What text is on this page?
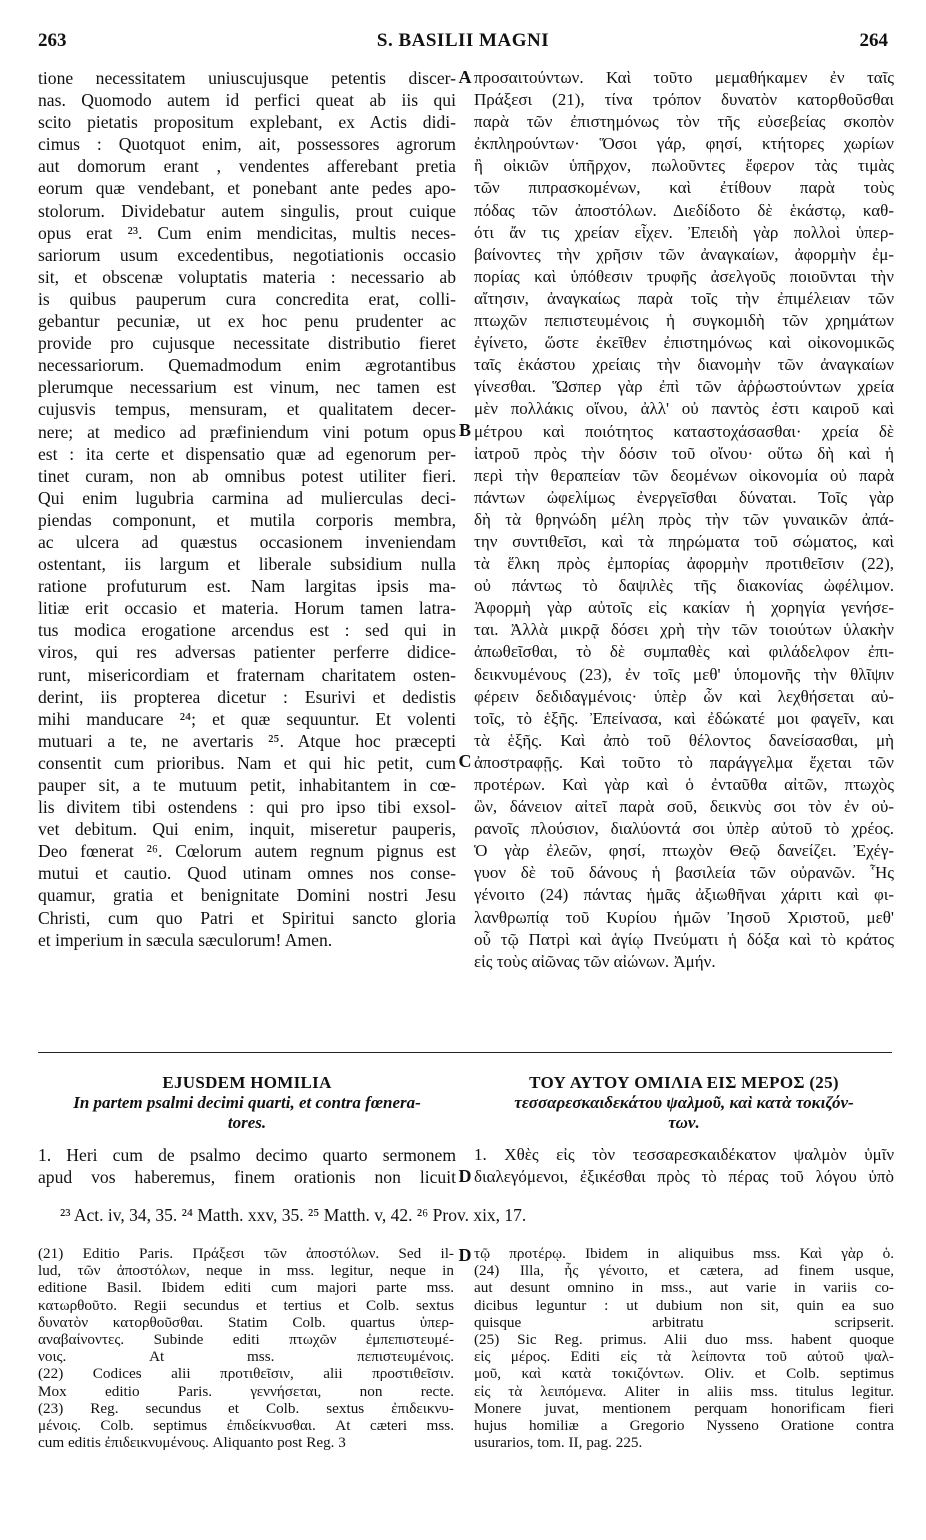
263	S. BASILII MAGNI	264
tione necessitatem uniuscujusque petentis discer-
nas. Quomodo autem id perfici queat ab iis qui
scito pietatis propositum explebant, ex Actis didi-
cimus : Quotquot enim, ait, possessores agrorum
aut domorum erant , vendentes afferebant pretia
eorum quæ vendebant, et ponebant ante pedes apo-
stolorum. Dividebatur autem singulis, prout cuique
opus erat ²³. Cum enim mendicitas, multis neces-
sariorum usum excedentibus, negotiationis occasio
sit, et obscenæ voluptatis materia : necessario ab
is quibus pauperum cura concredita erat, colli-
gebantur pecuniæ, ut ex hoc penu prudenter ac
provide pro cujusque necessitate distributio fieret
necessariorum. Quemadmodum enim ægrotantibus
plerumque necessarium est vinum, nec tamen est
cujusvis tempus, mensuram, et qualitatem decer-
nere; at medico ad præfiniendum vini potum opus
est : ita certe et dispensatio quæ ad egenorum per-
tinet curam, non ab omnibus potest utiliter fieri.
Qui enim lugubria carmina ad mulierculas deci-
piendas componunt, et mutila corporis membra,
ac ulcera ad quæstus occasionem inveniendam
ostentant, iis largum et liberale subsidium nulla
ratione profuturum est. Nam largitas ipsis ma-
litiæ erit occasio et materia. Horum tamen latra-
tus modica erogatione arcendus est : sed qui in
viros, qui res adversas patienter perferre didice-
runt, misericordiam et fraternam charitatem osten-
derint, iis propterea dicetur : Esurivi et dedistis
mihi manducare ²⁴; et quæ sequuntur. Et volenti
mutuari a te, ne avertaris ²⁵. Atque hoc præcepti
consentit cum prioribus. Nam et qui hic petit, cum
pauper sit, a te mutuum petit, inhabitantem in cœ-
lis divitem tibi ostendens : qui pro ipso tibi exsol-
vet debitum. Qui enim, inquit, miseretur pauperis,
Deo fœnerat ²⁶. Cœlorum autem regnum pignus est
mutui et cautio. Quod utinam omnes nos conse-
quamur, gratia et benignitate Domini nostri Jesu
Christi, cum quo Patri et Spiritui sancto gloria
et imperium in sæcula sæculorum! Amen.
προσαιτούντων. Καὶ τοῦτο μεμαθήκαμεν ἐν ταῖς
Πράξεσι (21), τίνα τρόπον δυνατὸν κατορθοῦσθαι
παρὰ τῶν ἐπιστημόνως τὸν τῆς εὐσεβείας σκοπὸν
ἐκπληρούντων· Ὅσοι γάρ, φησί, κτήτορες χωρίων
ἢ οἰκιῶν ὑπῆρχον, πωλοῦντες ἔφερον τὰς τιμὰς
τῶν πιπρασκομένων, καὶ ἐτίθουν παρὰ τοὺς
πόδας τῶν ἀποστόλων. Διεδίδοτο δὲ ἑκάστῳ, καθ-
ότι ἄν τις χρείαν εἶχεν. Ἐπειδὴ γὰρ πολλοὶ ὑπερ-
βαίνοντες τὴν χρῆσιν τῶν ἀναγκαίων, ἀφορμὴν ἐμ-
πορίας καὶ ὑπόθεσιν τρυφῆς ἀσελγοῦς ποιοῦνται τὴν
αἴτησιν, ἀναγκαίως παρὰ τοῖς τὴν ἐπιμέλειαν τῶν
πτωχῶν πεπιστευμένοις ἡ συγκομιδὴ τῶν χρημάτων
ἐγίνετο, ὥστε ἐκεῖθεν ἐπιστημόνως καὶ οἰκονομικῶς
ταῖς ἑκάστου χρείαις τὴν διανομὴν τῶν ἀναγκαίων
γίνεσθαι. Ὥσπερ γὰρ ἐπὶ τῶν ἀῤῥωστούντων χρεία
μὲν πολλάκις οἴνου, ἀλλ' οὐ παντὸς ἐστι καιροῦ καὶ
μέτρου καὶ ποιότητος καταστοχάσασθαι· χρεία δὲ
ἰατροῦ πρὸς τὴν δόσιν τοῦ οἴνου· οὕτω δὴ καὶ ἡ
περὶ τὴν θεραπείαν τῶν δεομένων οἰκονομία οὐ παρὰ
πάντων ὠφελίμως ἐνεργεῖσθαι δύναται. Τοῖς γὰρ
δὴ τὰ θρηνώδη μέλη πρὸς τὴν τῶν γυναικῶν ἀπά-
την συντιθεῖσι, καὶ τὰ πηρώματα τοῦ σώματος, καὶ
τὰ ἕλκη πρὸς ἐμπορίας ἀφορμὴν προτιθεῖσιν (22),
οὐ πάντως τὸ δαψιλὲς τῆς διακονίας ὠφέλιμον.
Ἀφορμὴ γὰρ αὐτοῖς εἰς κακίαν ἡ χορηγία γενήσε-
ται. Ἀλλὰ μικρᾷ δόσει χρὴ τὴν τῶν τοιούτων ὑλακὴν
ἀπωθεῖσθαι, τὸ δὲ συμπαθὲς καὶ φιλάδελφον ἐπι-
δεικνυμένους (23), ἐν τοῖς μεθ' ὑπομονῆς τὴν θλῖψιν
φέρειν δεδιδαγμένοις· ὑπὲρ ὧν καὶ λεχθήσεται αὐ-
τοῖς, τὸ ἑξῆς. Ἐπείνασα, καὶ ἐδώκατέ μοι φαγεῖν, και
τὰ ἑξῆς. Καὶ ἀπὸ τοῦ θέλοντος δανείσασθαι, μὴ
ἀποστραφῇς. Καὶ τοῦτο τὸ παράγγελμα ἔχεται τῶν
προτέρων. Καὶ γὰρ καὶ ὁ ἐνταῦθα αἰτῶν, πτωχὸς
ὢν, δάνειον αἰτεῖ παρὰ σοῦ, δεικνὺς σοι τὸν ἐν οὐ-
ρανοῖς πλούσιον, διαλύοντά σοι ὑπὲρ αὐτοῦ τὸ χρέος.
Ὁ γὰρ ἐλεῶν, φησί, πτωχὸν Θεῷ δανείζει. Ἐχέγ-
γυον δὲ τοῦ δάνους ἡ βασιλεία τῶν οὐρανῶν. Ἧς
γένοιτο (24) πάντας ἡμᾶς ἀξιωθῆναι χάριτι καὶ φι-
λανθρωπίᾳ τοῦ Κυρίου ἡμῶν Ἰησοῦ Χριστοῦ, μεθ'
οὗ τῷ Πατρὶ καὶ ἁγίῳ Πνεύματι ἡ δόξα καὶ τὸ κράτος
εἰς τοὺς αἰῶνας τῶν αἰώνων. Ἀμήν.
A
B
C
D
D
EJUSDEM HOMILIA
In partem psalmi decimi quarti, et contra fœnera-
tores.
ΤΟΥ ΑΥΤΟΥ ΟΜΙΛΙΑ ΕΙΣ ΜΕΡΟΣ (25)
τεσσαρεσκαιδεκάτου ψαλμοῦ, καὶ κατὰ τοκιζόν-
των.
1. Heri cum de psalmo decimo quarto sermonem
apud vos haberemus, finem orationis non licuit
1. Χθὲς εἰς τὸν τεσσαρεσκαιδέκατον ψαλμὸν ὑμῖν
διαλεγόμενοι, ἐξικέσθαι πρὸς τὸ πέρας τοῦ λόγου ὑπὸ
²³ Act. iv, 34, 35. ²⁴ Matth. xxv, 35. ²⁵ Matth. v, 42. ²⁶ Prov. xix, 17.
(21) Editio Paris. Πράξεσι τῶν ἀποστόλων. Sed il-
lud, τῶν ἀποστόλων, neque in mss. legitur, neque in
editione Basil. Ibidem editi cum majori parte mss.
κατωρθοῦτο. Regii secundus et tertius et Colb. sextus
δυνατὸν κατορθοῦσθαι. Statim Colb. quartus ὑπερ-
αναβαίνοντες. Subinde editi πτωχῶν ἐμπεπιστευμέ-
νοις. At mss. πεπιστευμένοις.
(22) Codices alii προτιθεῖσιν, alii προστιθεῖσιν.
Mox editio Paris. γεννήσεται, non recte.
(23) Reg. secundus et Colb. sextus ἐπιδεικνυ-
μένοις. Colb. septimus ἐπιδείκνυσθαι. At cæteri mss.
cum editis ἐπιδεικνυμένους. Aliquanto post Reg. 3
τῷ προτέρῳ. Ibidem in aliquibus mss. Καὶ γὰρ ὁ.
(24) Illa, ἧς γένοιτο, et cætera, ad finem usque,
aut desunt omnino in mss., aut varie in variis co-
dicibus leguntur : ut dubium non sit, quin ea suo
quisque arbitratu scripserit.
(25) Sic Reg. primus. Alii duo mss. habent quoque
εἰς μέρος. Editi εἰς τὰ λείποντα τοῦ αὐτοῦ ψαλ-
μοῦ, καὶ κατὰ τοκιζόντων. Oliv. et Colb. septimus
εἰς τὰ λειπόμενα. Aliter in aliis mss. titulus legitur.
Monere juvat, mentionem perquam honorificam fieri
hujus homiliæ a Gregorio Nysseno Oratione contra
usurarios, tom. II, pag. 225.
